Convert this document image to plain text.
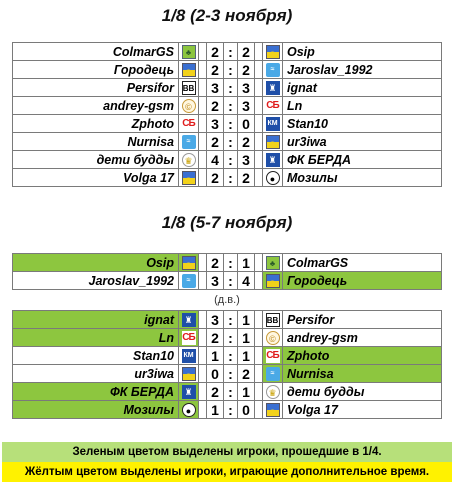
1/8 (2-3 ноября)
ColmarGS	♣		2	:	2		♆	Osip
Городець	♆		2	:	2		≈	Jaroslav_1992
Persifor	ВВ		3	:	3		♜	ignat
andrey-gsm	©		2	:	3		СБ	Ln
Zphoto	СБ		3	:	0		КМ	Stan10
Nurnisa	≈		2	:	2		♆	ur3iwa
дети будды	♛		4	:	3		♜	ФК БЕРДА
Volga 17	♆		2	:	2		●	Мозилы
1/8 (5-7 ноября)
Osip	♆		2	:	1		♣	ColmarGS
Jaroslav_1992	≈		3	:	4		♆	Городець
(д.в.)
ignat	♜		3	:	1		ВВ	Persifor
Ln	СБ		2	:	1		©	andrey-gsm
Stan10	КМ		1	:	1		СБ	Zphoto
ur3iwa	♆		0	:	2		≈	Nurnisa
ФК БЕРДА	♜		2	:	1		♛	дети будды
Мозилы	●		1	:	0		♆	Volga 17
Зеленым цветом выделены игроки, прошедшие в 1/4.
Жёлтым цветом выделены игроки, играющие дополнительное время.
